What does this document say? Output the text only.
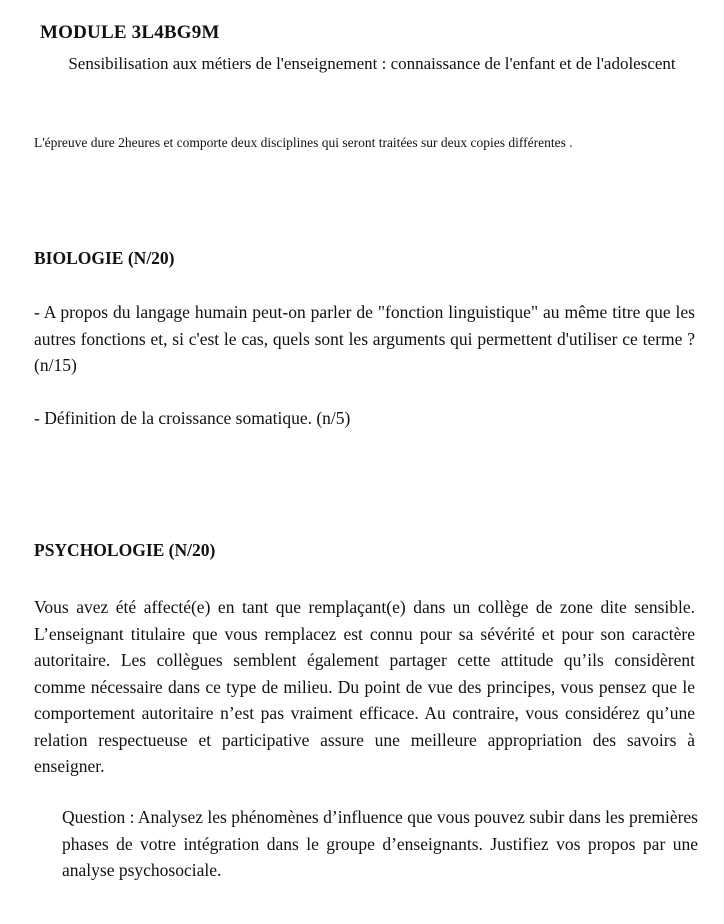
MODULE 3L4BG9M
Sensibilisation aux métiers de l'enseignement : connaissance de l'enfant et de l'adolescent
L'épreuve dure 2heures et comporte deux disciplines qui seront traitées sur deux copies différentes .
BIOLOGIE (N/20)
- A propos du langage humain peut-on parler de "fonction linguistique" au même titre que les autres fonctions et, si c'est le cas, quels sont les arguments qui permettent d'utiliser ce terme ? (n/15)
- Définition de la croissance somatique. (n/5)
PSYCHOLOGIE (N/20)
Vous avez été affecté(e) en tant que remplaçant(e) dans un collège de zone dite sensible. L’enseignant titulaire que vous remplacez est connu pour sa sévérité et pour son caractère autoritaire. Les collègues semblent également partager cette attitude qu’ils considèrent comme nécessaire dans ce type de milieu. Du point de vue des principes, vous pensez que le comportement autoritaire n’est pas vraiment efficace. Au contraire, vous considérez qu’une relation respectueuse et participative assure une meilleure appropriation des savoirs à enseigner.
Question : Analysez les phénomènes d’influence que vous pouvez subir dans les premières phases de votre intégration dans le groupe d’enseignants. Justifiez vos propos par une analyse psychosociale.
